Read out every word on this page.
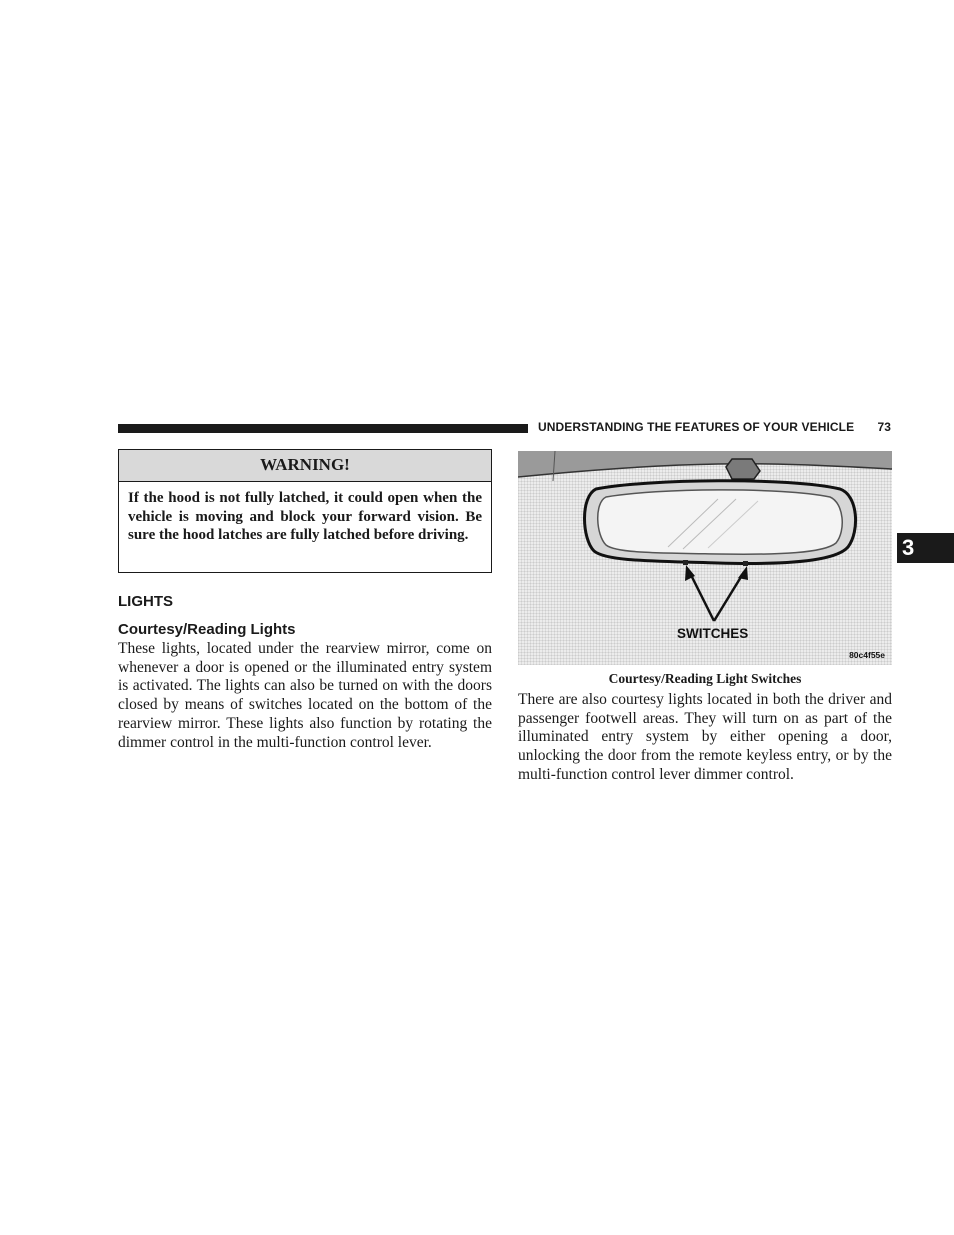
UNDERSTANDING THE FEATURES OF YOUR VEHICLE 73
3
WARNING!
If the hood is not fully latched, it could open when the vehicle is moving and block your forward vision. Be sure the hood latches are fully latched before driving.
LIGHTS
Courtesy/Reading Lights
These lights, located under the rearview mirror, come on whenever a door is opened or the illuminated entry system is activated. The lights can also be turned on with the doors closed by means of switches located on the bottom of the rearview mirror. These lights also function by rotating the dimmer control in the multi-function control lever.
SWITCHES
80c4f55e
Courtesy/Reading Light Switches
There are also courtesy lights located in both the driver and passenger footwell areas. They will turn on as part of the illuminated entry system by either opening a door, unlocking the door from the remote keyless entry, or by the multi-function control lever dimmer control.
